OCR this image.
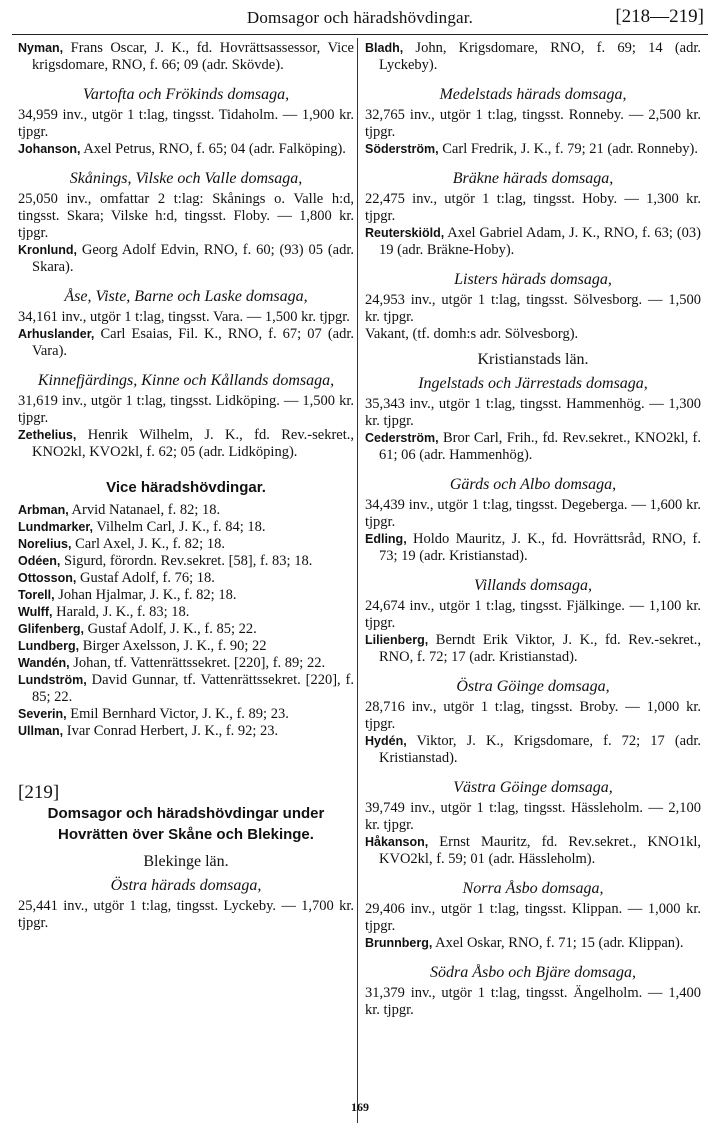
Domsagor och häradshövdingar.	[218—219]

Nyman, Frans Oscar, J. K., fd. Hovrättsassessor, Vice krigsdomare, RNO, f. 66; 09 (adr. Skövde).

Vartofta och Frökinds domsaga,

34,959 inv., utgör 1 t:lag, tingsst. Tidaholm. — 1,900 kr. tjpgr.

Johanson, Axel Petrus, RNO, f. 65; 04 (adr. Falköping).

Skånings, Vilske och Valle domsaga,

25,050 inv., omfattar 2 t:lag: Skånings o. Valle h:d, tingsst. Skara; Vilske h:d, tingsst. Floby. — 1,800 kr. tjpgr.

Kronlund, Georg Adolf Edvin, RNO, f. 60; (93) 05 (adr. Skara).

Åse, Viste, Barne och Laske domsaga,

34,161 inv., utgör 1 t:lag, tingsst. Vara. — 1,500 kr. tjpgr.

Arhuslander, Carl Esaias, Fil. K., RNO, f. 67; 07 (adr. Vara).

Kinnefjärdings, Kinne och Kållands domsaga,

31,619 inv., utgör 1 t:lag, tingsst. Lidköping. — 1,500 kr. tjpgr.

Zethelius, Henrik Wilhelm, J. K., fd. Rev.-sekret., KNO2kl, KVO2kl, f. 62; 05 (adr. Lidköping).

Vice häradshövdingar.

Arbman, Arvid Natanael, f. 82; 18.

Lundmarker, Vilhelm Carl, J. K., f. 84; 18.

Norelius, Carl Axel, J. K., f. 82; 18.

Odéen, Sigurd, förordn. Rev.sekret. [58], f. 83; 18.

Ottosson, Gustaf Adolf, f. 76; 18.

Torell, Johan Hjalmar, J. K., f. 82; 18.

Wulff, Harald, J. K., f. 83; 18.

Glifenberg, Gustaf Adolf, J. K., f. 85; 22.

Lundberg, Birger Axelsson, J. K., f. 90; 22

Wandén, Johan, tf. Vattenrättssekret. [220], f. 89; 22.

Lundström, David Gunnar, tf. Vattenrättssekret. [220], f. 85; 22.

Severin, Emil Bernhard Victor, J. K., f. 89; 23.

Ullman, Ivar Conrad Herbert, J. K., f. 92; 23.

[219]
Domsagor och häradshövdingar under Hovrätten över Skåne och Blekinge.
Blekinge län.
Östra härads domsaga,

25,441 inv., utgör 1 t:lag, tingsst. Lyckeby. — 1,700 kr. tjpgr.

Bladh, John, Krigsdomare, RNO, f. 69; 14 (adr. Lyckeby).

Medelstads härads domsaga,

32,765 inv., utgör 1 t:lag, tingsst. Ronneby. — 2,500 kr. tjpgr.

Söderström, Carl Fredrik, J. K., f. 79; 21 (adr. Ronneby).

Bräkne härads domsaga,

22,475 inv., utgör 1 t:lag, tingsst. Hoby. — 1,300 kr. tjpgr.

Reuterskiöld, Axel Gabriel Adam, J. K., RNO, f. 63; (03) 19 (adr. Bräkne-Hoby).

Listers härads domsaga,

24,953 inv., utgör 1 t:lag, tingsst. Sölvesborg. — 1,500 kr. tjpgr.

Vakant, (tf. domh:s adr. Sölvesborg).

Kristianstads län.
Ingelstads och Järrestads domsaga,

35,343 inv., utgör 1 t:lag, tingsst. Hammenhög. — 1,300 kr. tjpgr.

Cederström, Bror Carl, Frih., fd. Rev.sekret., KNO2kl, f. 61; 06 (adr. Hammenhög).

Gärds och Albo domsaga,

34,439 inv., utgör 1 t:lag, tingsst. Degeberga. — 1,600 kr. tjpgr.

Edling, Holdo Mauritz, J. K., fd. Hovrättsråd, RNO, f. 73; 19 (adr. Kristianstad).

Villands domsaga,

24,674 inv., utgör 1 t:lag, tingsst. Fjälkinge. — 1,100 kr. tjpgr.

Lilienberg, Berndt Erik Viktor, J. K., fd. Rev.-sekret., RNO, f. 72; 17 (adr. Kristianstad).

Östra Göinge domsaga,

28,716 inv., utgör 1 t:lag, tingsst. Broby. — 1,000 kr. tjpgr.

Hydén, Viktor, J. K., Krigsdomare, f. 72; 17 (adr. Kristianstad).

Västra Göinge domsaga,

39,749 inv., utgör 1 t:lag, tingsst. Hässleholm. — 2,100 kr. tjpgr.

Håkanson, Ernst Mauritz, fd. Rev.sekret., KNO1kl, KVO2kl, f. 59; 01 (adr. Hässleholm).

Norra Åsbo domsaga,

29,406 inv., utgör 1 t:lag, tingsst. Klippan. — 1,000 kr. tjpgr.

Brunnberg, Axel Oskar, RNO, f. 71; 15 (adr. Klippan).

Södra Åsbo och Bjäre domsaga,

31,379 inv., utgör 1 t:lag, tingsst. Ängelholm. — 1,400 kr. tjpgr.

169
